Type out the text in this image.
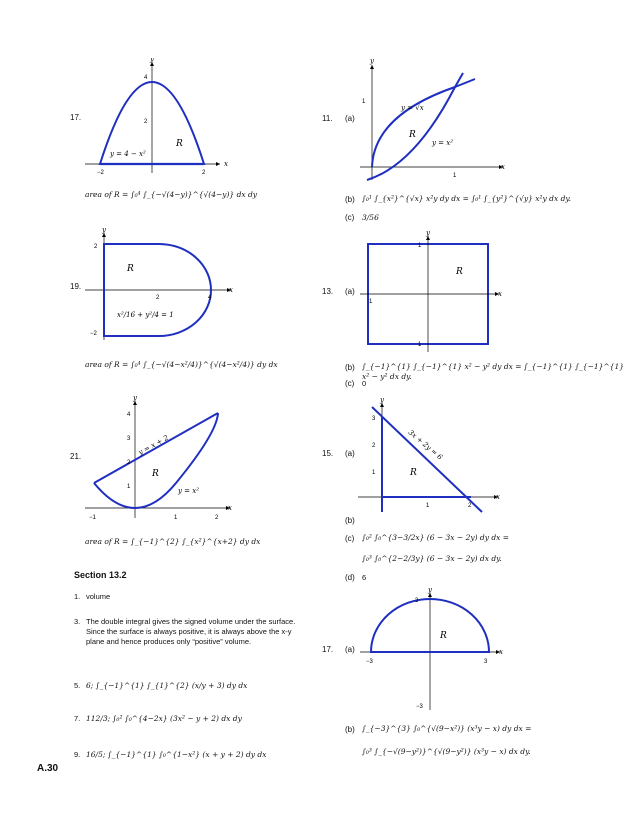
17.
x
y
−2	2
2
4
R
y = 4 − x²
area of R = ∫₀⁴ ∫_{−√(4−y)}^{√(4−y)} dx dy
19.	x
y
2
−2
2	4
R
x²/16 + y²/4 = 1
area of R = ∫₀⁴ ∫_{−√(4−x²/4)}^{√(4−x²/4)} dy dx
21.
x
y
1
2
3
4
−1	1	2
R
y = x + 2
y = x²
area of R = ∫_{−1}^{2} ∫_{x²}^{x+2} dy dx
Section 13.2
1. volume
3. The double integral gives the signed volume under the surface. Since the surface is always positive, it is always above the x-y plane and hence produces only “positive” volume.
5. 6; ∫_{−1}^{1} ∫_{1}^{2} (x/y + 3) dy dx
7. 112/3; ∫₀² ∫₀^{4−2x} (3x² − y + 2) dx dy
9. 16/5; ∫_{−1}^{1} ∫₀^{1−x²} (x + y + 2) dy dx
A.30
11. (a)
x
y
1
1
R
y = √x
y = x²
(b) ∫₀¹ ∫_{x²}^{√x} x²y dy dx = ∫₀¹ ∫_{y²}^{√y} x²y dx dy.
(c) 3/56
13. (a)	x
y
1
1
1
R
(b) ∫_{−1}^{1} ∫_{−1}^{1} x² − y² dy dx = ∫_{−1}^{1} ∫_{−1}^{1} x² − y² dx dy.
(c) 0
15. (a)
x
y
1
2
3
1	2
R
3x + 2y = 6
(b)
(c) ∫₀² ∫₀^{3−3/2x} (6 − 3x − 2y) dy dx =
∫₀³ ∫₀^{2−2/3y} (6 − 3x − 2y) dx dy.
(d) 6
17. (a)	x
y
3
−3	3
−3
R
(b) ∫_{−3}^{3} ∫₀^{√(9−x²)} (x³y − x) dy dx =
∫₀³ ∫_{−√(9−y²)}^{√(9−y²)} (x³y − x) dx dy.
